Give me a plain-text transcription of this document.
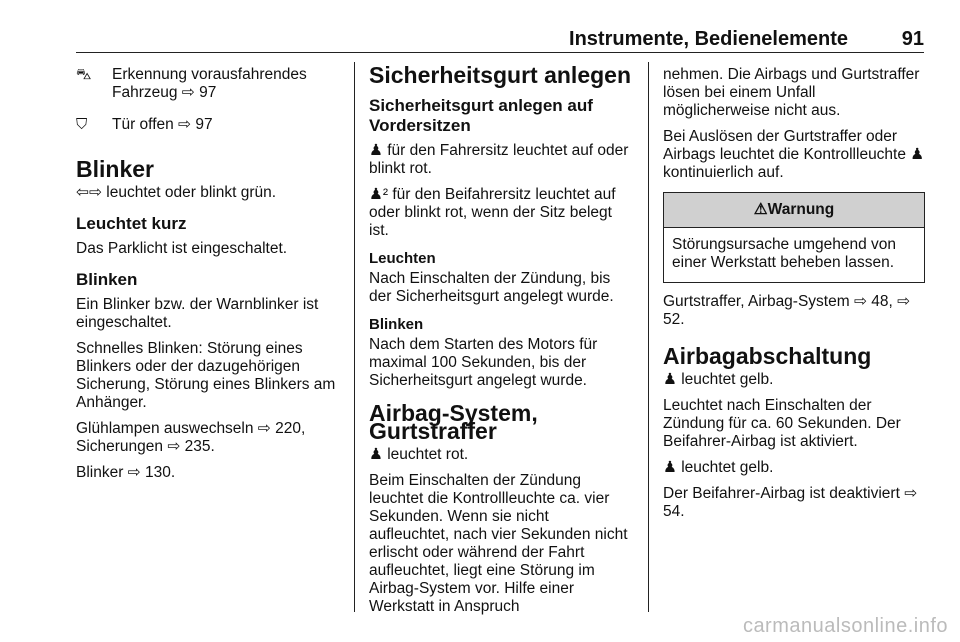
Instrumente, Bedienelemente	91
⛍	Erkennung vorausfahrendes Fahrzeug ⇨ 97
⛉	Tür offen ⇨ 97
Blinker

⇦⇨ leuchtet oder blinkt grün.

Leuchtet kurz

Das Parklicht ist eingeschaltet.

Blinken

Ein Blinker bzw. der Warnblinker ist eingeschaltet.

Schnelles Blinken: Störung eines Blinkers oder der dazugehörigen Sicherung, Störung eines Blinkers am Anhänger.

Glühlampen auswechseln ⇨ 220, Sicherungen ⇨ 235.

Blinker ⇨ 130.

Sicherheitsgurt anlegen
Sicherheitsgurt anlegen auf Vordersitzen

♟ für den Fahrersitz leuchtet auf oder blinkt rot.

♟² für den Beifahrersitz leuchtet auf oder blinkt rot, wenn der Sitz belegt ist.

Leuchten

Nach Einschalten der Zündung, bis der Sicherheitsgurt angelegt wurde.

Blinken

Nach dem Starten des Motors für maximal 100 Sekunden, bis der Sicherheitsgurt angelegt wurde.

Airbag-System, Gurtstraffer

♟ leuchtet rot.

Beim Einschalten der Zündung leuchtet die Kontrollleuchte ca. vier Sekunden. Wenn sie nicht aufleuchtet, nach vier Sekunden nicht erlischt oder während der Fahrt aufleuchtet, liegt eine Störung im Airbag-System vor. Hilfe einer Werkstatt in Anspruch

nehmen. Die Airbags und Gurtstraffer lösen bei einem Unfall möglicherweise nicht aus.

Bei Auslösen der Gurtstraffer oder Airbags leuchtet die Kontrollleuchte ♟ kontinuierlich auf.

⚠Warnung
Störungsursache umgehend von einer Werkstatt beheben lassen.

Gurtstraffer, Airbag-System ⇨ 48, ⇨ 52.

Airbagabschaltung

♟ leuchtet gelb.

Leuchtet nach Einschalten der Zündung für ca. 60 Sekunden. Der Beifahrer-Airbag ist aktiviert.

♟ leuchtet gelb.

Der Beifahrer-Airbag ist deaktiviert ⇨ 54.

carmanualsonline.info
